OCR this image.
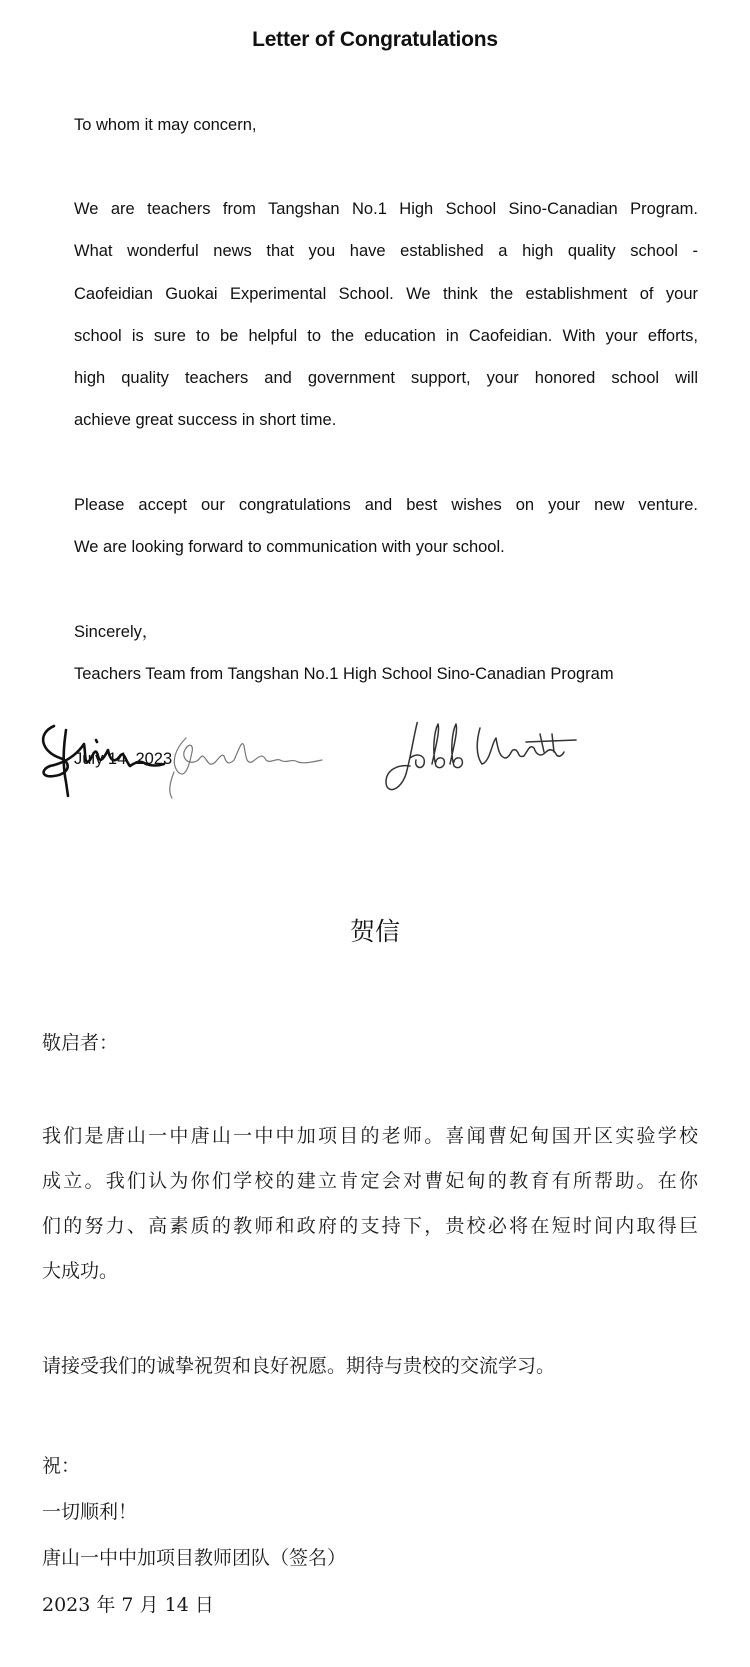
Letter of Congratulations
To whom it may concern,
We are teachers from Tangshan No.1 High School Sino-Canadian Program.
What wonderful news that you have established a high quality school -
Caofeidian Guokai Experimental School. We think the establishment of your
school is sure to be helpful to the education in Caofeidian. With your efforts,
high quality teachers and government support, your honored school will
achieve great success in short time.
Please accept our congratulations and best wishes on your new venture.
We are looking forward to communication with your school.
Sincerely，
Teachers Team from Tangshan No.1 High School Sino-Canadian Program
July 14, 2023
贺信
敬启者：
我们是唐山一中唐山一中中加项目的老师。喜闻曹妃甸国开区实验学校
成立。我们认为你们学校的建立肯定会对曹妃甸的教育有所帮助。在你
们的努力、高素质的教师和政府的支持下，贵校必将在短时间内取得巨
大成功。
请接受我们的诚挚祝贺和良好祝愿。期待与贵校的交流学习。
祝：
一切顺利！
唐山一中中加项目教师团队（签名）
2023 年 7 月 14 日
